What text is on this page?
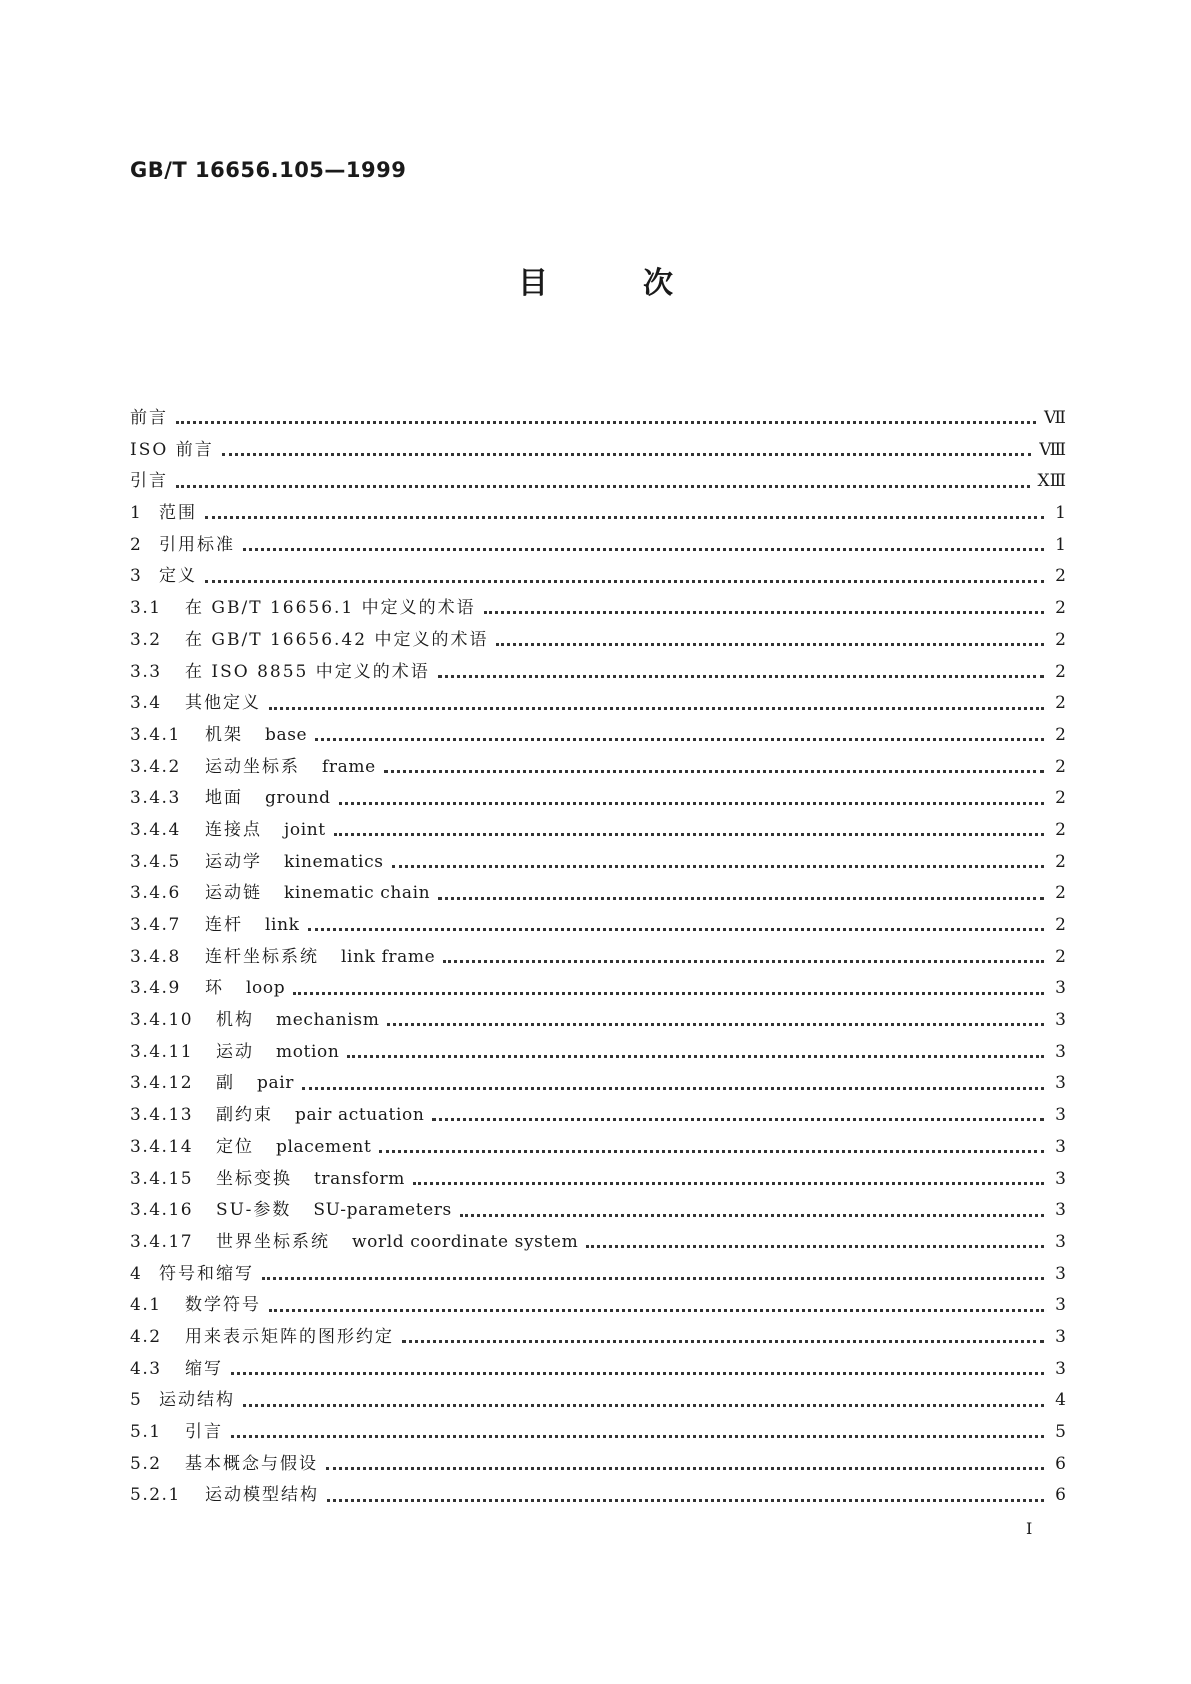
GB/T 16656.105—1999
目	次
前言	Ⅶ
ISO 前言	Ⅷ
引言	ⅩⅢ
1 范围	1
2 引用标准	1
3 定义	2
3.1	在 GB/T 16656.1 中定义的术语	2
3.2	在 GB/T 16656.42 中定义的术语	2
3.3	在 ISO 8855 中定义的术语	2
3.4	其他定义	2
3.4.1	机架 base	2
3.4.2	运动坐标系 frame	2
3.4.3	地面 ground	2
3.4.4	连接点 joint	2
3.4.5	运动学 kinematics	2
3.4.6	运动链 kinematic chain	2
3.4.7	连杆 link	2
3.4.8	连杆坐标系统 link frame	2
3.4.9	环 loop	3
3.4.10	机构 mechanism	3
3.4.11	运动 motion	3
3.4.12	副 pair	3
3.4.13	副约束 pair actuation	3
3.4.14	定位 placement	3
3.4.15	坐标变换 transform	3
3.4.16	SU-参数 SU-parameters	3
3.4.17	世界坐标系统 world coordinate system	3
4 符号和缩写	3
4.1	数学符号	3
4.2	用来表示矩阵的图形约定	3
4.3	缩写	3
5 运动结构	4
5.1	引言	5
5.2	基本概念与假设	6
5.2.1	运动模型结构	6
I
